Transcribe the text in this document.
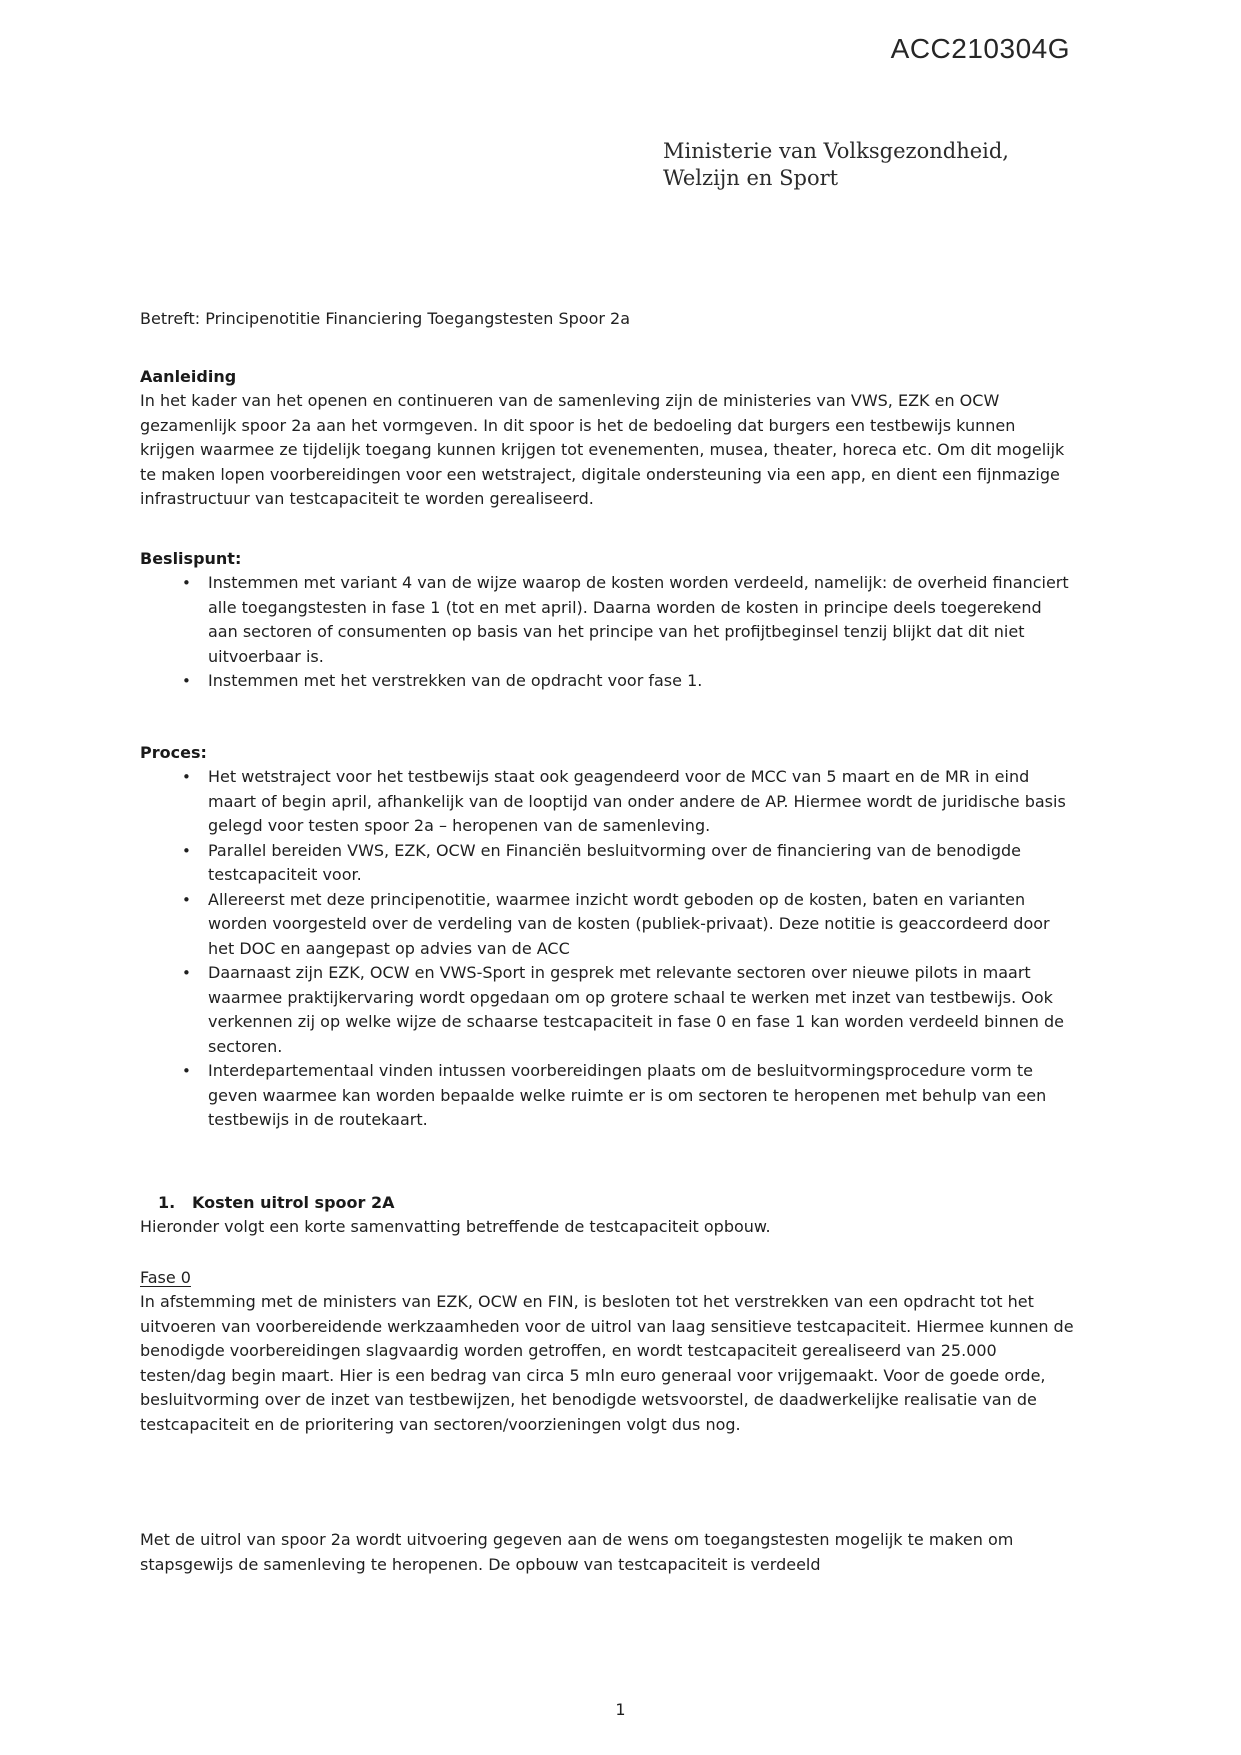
ACC210304G
Ministerie van Volksgezondheid,
Welzijn en Sport

Betreft: Principenotitie Financiering Toegangstesten Spoor 2a

Aanleiding

In het kader van het openen en continueren van de samenleving zijn de ministeries van VWS, EZK en OCW gezamenlijk spoor 2a aan het vormgeven. In dit spoor is het de bedoeling dat burgers een testbewijs kunnen krijgen waarmee ze tijdelijk toegang kunnen krijgen tot evenementen, musea, theater, horeca etc. Om dit mogelijk te maken lopen voorbereidingen voor een wetstraject, digitale ondersteuning via een app, en dient een fijnmazige infrastructuur van testcapaciteit te worden gerealiseerd.

Beslispunt:
• Instemmen met variant 4 van de wijze waarop de kosten worden verdeeld, namelijk: de overheid financiert alle toegangstesten in fase 1 (tot en met april). Daarna worden de kosten in principe deels toegerekend aan sectoren of consumenten op basis van het principe van het profijtbeginsel tenzij blijkt dat dit niet uitvoerbaar is.
• Instemmen met het verstrekken van de opdracht voor fase 1.
Proces:
• Het wetstraject voor het testbewijs staat ook geagendeerd voor de MCC van 5 maart en de MR in eind maart of begin april, afhankelijk van de looptijd van onder andere de AP. Hiermee wordt de juridische basis gelegd voor testen spoor 2a – heropenen van de samenleving.
• Parallel bereiden VWS, EZK, OCW en Financiën besluitvorming over de financiering van de benodigde testcapaciteit voor.
• Allereerst met deze principenotitie, waarmee inzicht wordt geboden op de kosten, baten en varianten worden voorgesteld over de verdeling van de kosten (publiek-privaat). Deze notitie is geaccordeerd door het DOC en aangepast op advies van de ACC
• Daarnaast zijn EZK, OCW en VWS-Sport in gesprek met relevante sectoren over nieuwe pilots in maart waarmee praktijkervaring wordt opgedaan om op grotere schaal te werken met inzet van testbewijs. Ook verkennen zij op welke wijze de schaarse testcapaciteit in fase 0 en fase 1 kan worden verdeeld binnen de sectoren.
• Interdepartementaal vinden intussen voorbereidingen plaats om de besluitvormingsprocedure vorm te geven waarmee kan worden bepaalde welke ruimte er is om sectoren te heropenen met behulp van een testbewijs in de routekaart.
1. Kosten uitrol spoor 2A

Hieronder volgt een korte samenvatting betreffende de testcapaciteit opbouw.

Fase 0

In afstemming met de ministers van EZK, OCW en FIN, is besloten tot het verstrekken van een opdracht tot het uitvoeren van voorbereidende werkzaamheden voor de uitrol van laag sensitieve testcapaciteit. Hiermee kunnen de benodigde voorbereidingen slagvaardig worden getroffen, en wordt testcapaciteit gerealiseerd van 25.000 testen/dag begin maart. Hier is een bedrag van circa 5 mln euro generaal voor vrijgemaakt. Voor de goede orde, besluitvorming over de inzet van testbewijzen, het benodigde wetsvoorstel, de daadwerkelijke realisatie van de testcapaciteit en de prioritering van sectoren/voorzieningen volgt dus nog.

Met de uitrol van spoor 2a wordt uitvoering gegeven aan de wens om toegangstesten mogelijk te maken om stapsgewijs de samenleving te heropenen. De opbouw van testcapaciteit is verdeeld

1
